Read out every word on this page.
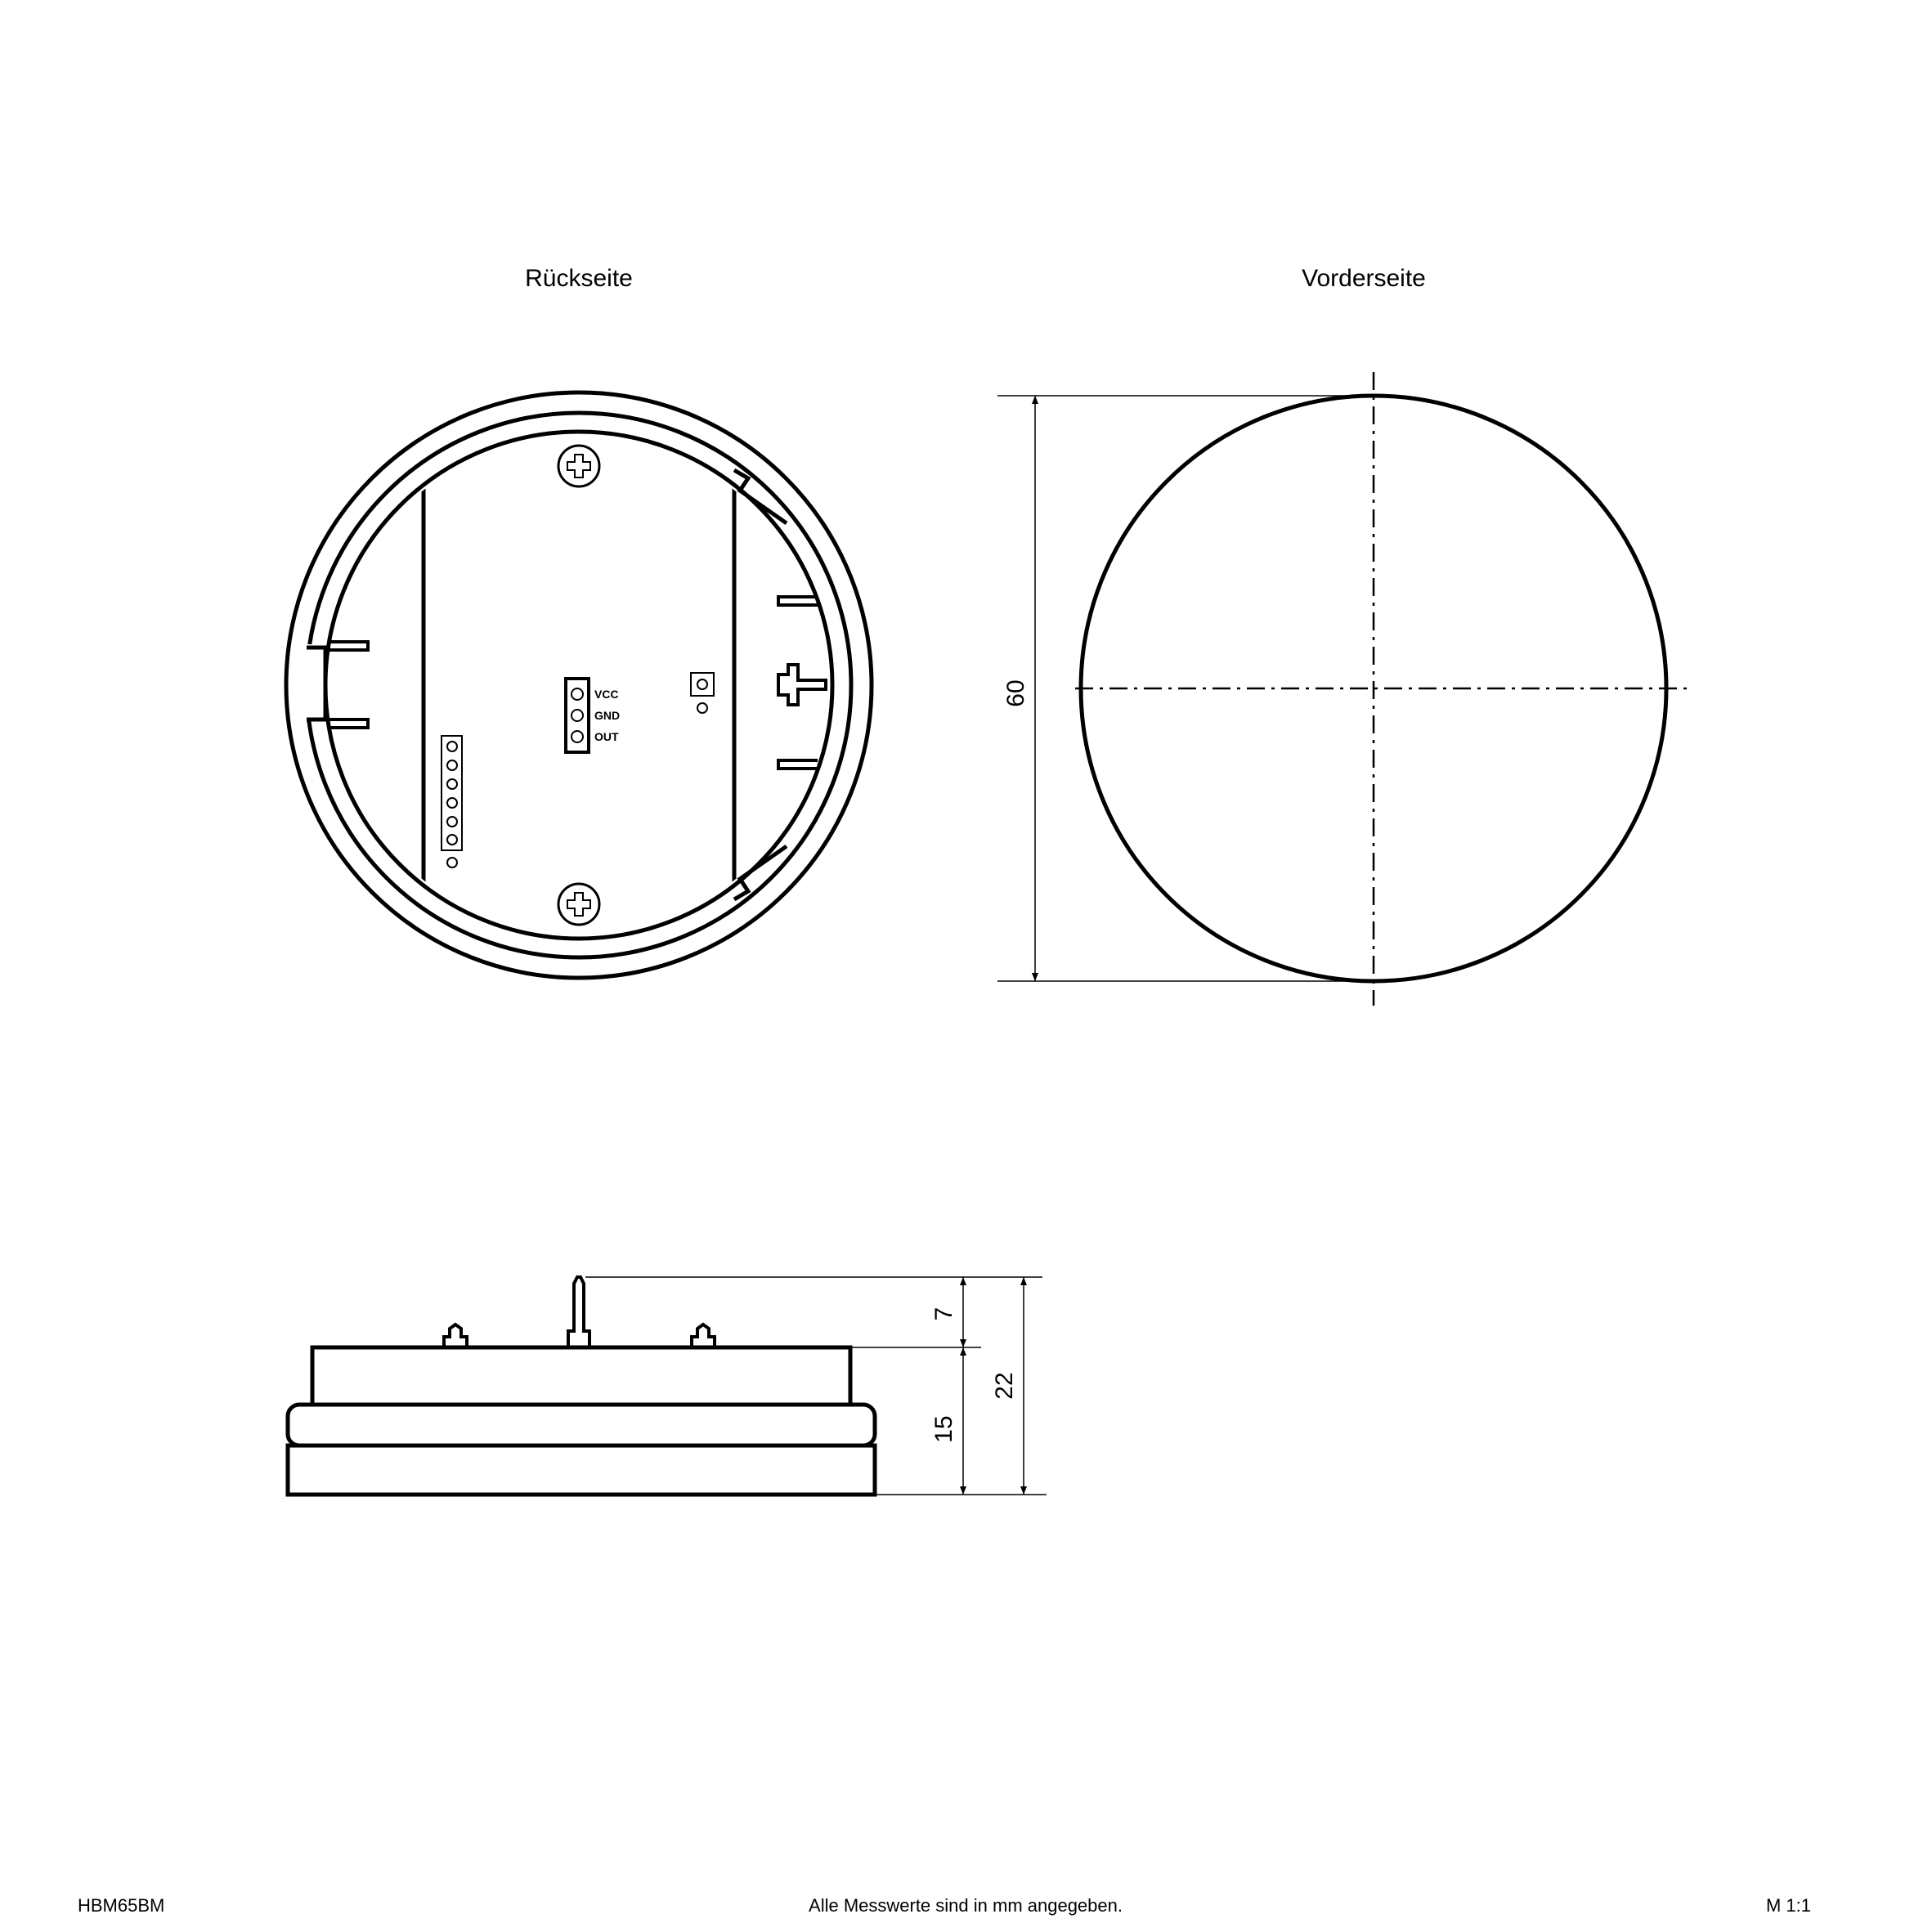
Rückseite	Vorderseite
VCC
GND
OUT
60
7
15
22
HBM65BM	Alle Messwerte sind in mm angegeben.	M 1:1
